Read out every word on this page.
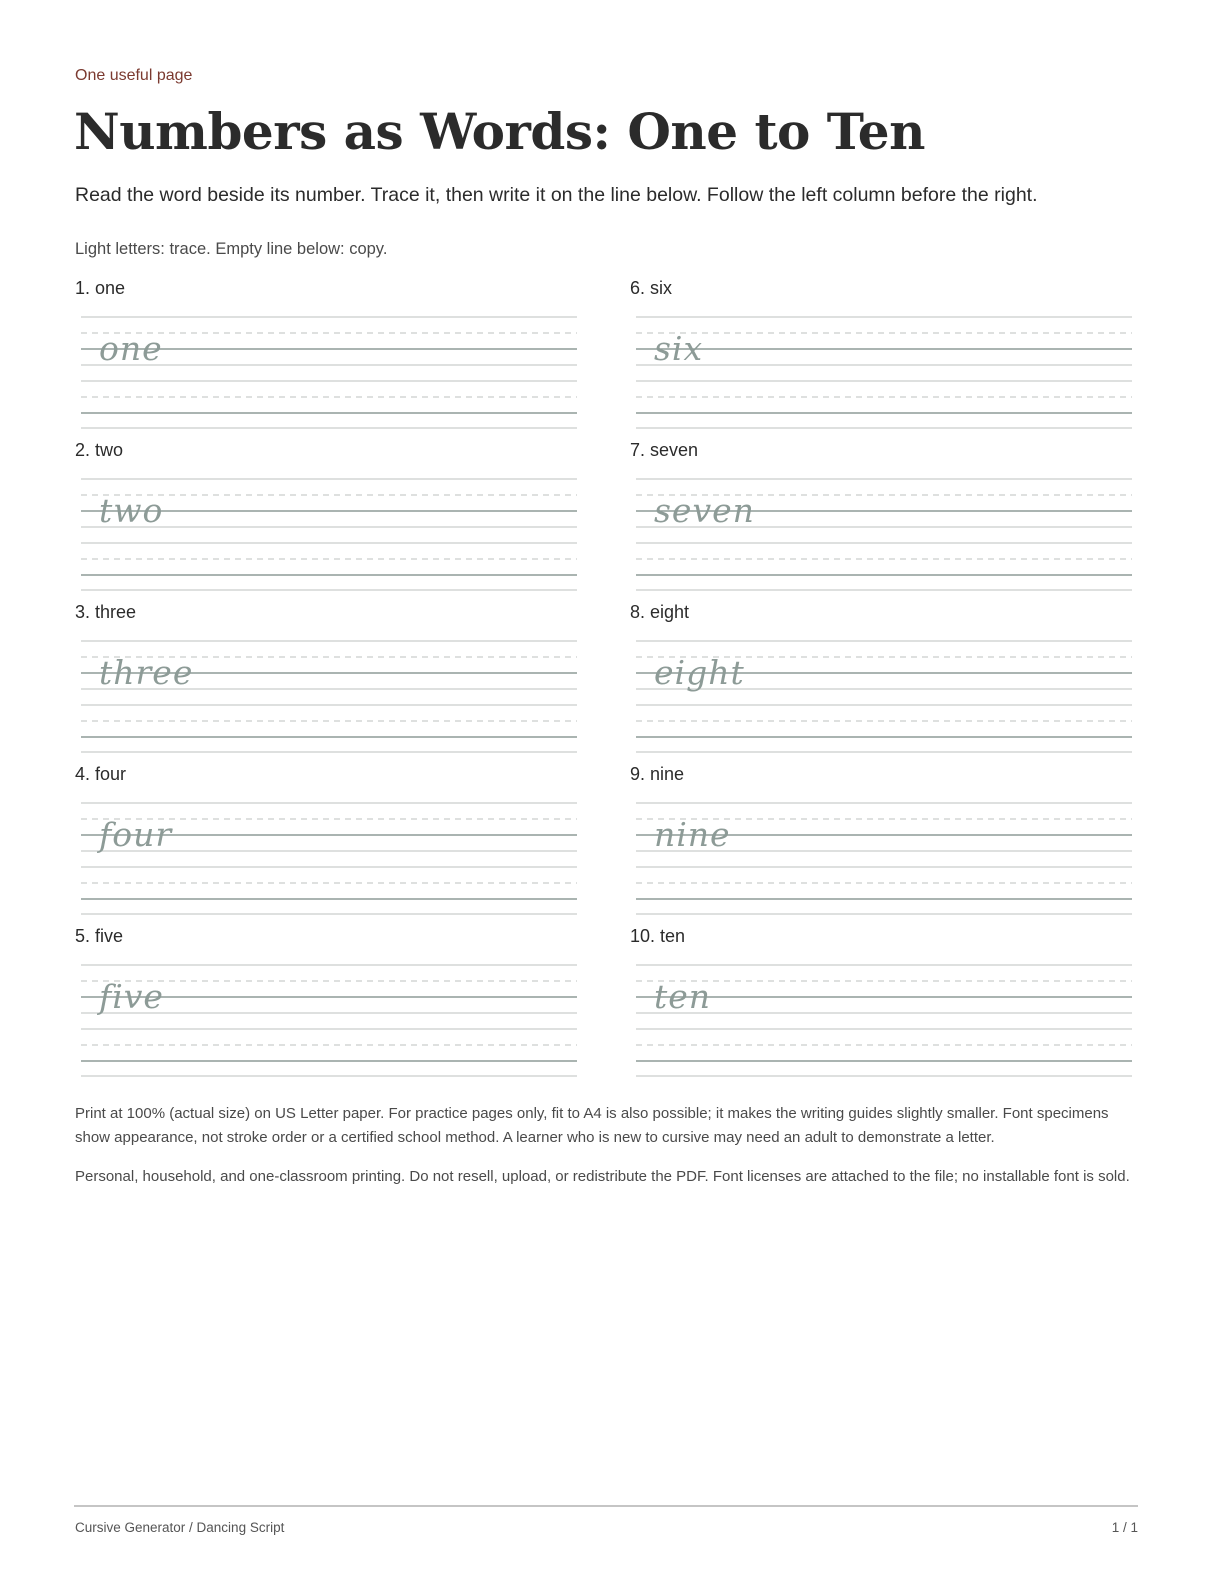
One useful page
Numbers as Words: One to Ten
Read the word beside its number. Trace it, then write it on the line below. Follow the left column before the right.
Light letters: trace. Empty line below: copy.
1. one
one
2. two
two
3. three
three
4. four
four
5. five
five
6. six
six
7. seven
seven
8. eight
eight
9. nine
nine
10. ten
ten

Print at 100% (actual size) on US Letter paper. For practice pages only, fit to A4 is also possible; it makes the writing guides slightly smaller. Font specimens show appearance, not stroke order or a certified school method. A learner who is new to cursive may need an adult to demonstrate a letter.

Personal, household, and one-classroom printing. Do not resell, upload, or redistribute the PDF. Font licenses are attached to the file; no installable font is sold.

Cursive Generator / Dancing Script	1 / 1
